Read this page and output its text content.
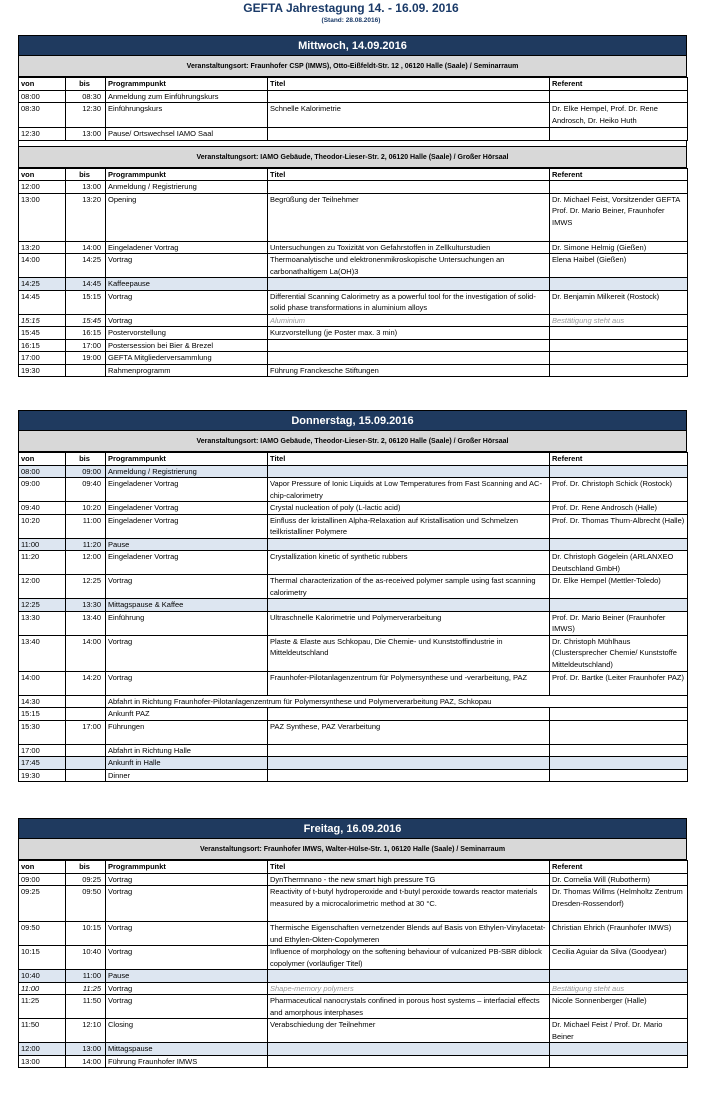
GEFTA Jahrestagung 14. - 16.09. 2016
(Stand: 28.08.2016)
Mittwoch, 14.09.2016
Veranstaltungsort: Fraunhofer CSP (IMWS), Otto-Eißfeldt-Str. 12 , 06120 Halle (Saale) / Seminarraum
von	bis	Programmpunkt	Titel	Referent
08:00	08:30	Anmeldung zum Einführungskurs		
08:30	12:30	Einführungskurs	Schnelle Kalorimetrie	Dr. Elke Hempel, Prof. Dr. Rene Androsch, Dr. Heiko Huth
12:30	13:00	Pause/ Ortswechsel IAMO Saal		
Veranstaltungsort: IAMO Gebäude, Theodor-Lieser-Str. 2, 06120 Halle (Saale) / Großer Hörsaal
von	bis	Programmpunkt	Titel	Referent
12:00	13:00	Anmeldung / Registrierung		
13:00	13:20	Opening	Begrüßung der Teilnehmer	Dr. Michael Feist, Vorsitzender GEFTA Prof. Dr. Mario Beiner, Fraunhofer IMWS
13:20	14:00	Eingeladener Vortrag	Untersuchungen zu Toxizität von Gefahrstoffen in Zellkulturstudien	Dr. Simone Helmig (Gießen)
14:00	14:25	Vortrag	Thermoanalytische und elektronenmikroskopische Untersuchungen an carbonathaltigem La(OH)3	Elena Haibel (Gießen)
14:25	14:45	Kaffeepause		
14:45	15:15	Vortrag	Differential Scanning Calorimetry as a powerful tool for the investigation of solid-solid phase transformations in aluminium alloys	Dr. Benjamin Milkereit (Rostock)
15:15	15:45	Vortrag	Aluminium	Bestätigung steht aus
15:45	16:15	Postervorstellung	Kurzvorstellung (je Poster max. 3 min)	
16:15	17:00	Postersession bei Bier & Brezel		
17:00	19:00	GEFTA Mitgliederversammlung		
19:30		Rahmenprogramm	Führung Franckesche Stiftungen	
Donnerstag, 15.09.2016
Veranstaltungsort: IAMO Gebäude, Theodor-Lieser-Str. 2, 06120 Halle (Saale) / Großer Hörsaal
von	bis	Programmpunkt	Titel	Referent
08:00	09:00	Anmeldung / Registrierung		
09:00	09:40	Eingeladener Vortrag	Vapor Pressure of Ionic Liquids at Low Temperatures from Fast Scanning and AC-chip-calorimetry	Prof. Dr. Christoph Schick (Rostock)
09:40	10:20	Eingeladener Vortrag	Crystal nucleation of poly (L-lactic acid)	Prof. Dr. Rene Androsch (Halle)
10:20	11:00	Eingeladener Vortrag	Einfluss der kristallinen Alpha-Relaxation auf Kristallisation und Schmelzen teilkristalliner Polymere	Prof. Dr. Thomas Thurn-Albrecht (Halle)
11:00	11:20	Pause		
11:20	12:00	Eingeladener Vortrag	Crystallization kinetic of synthetic rubbers	Dr. Christoph Gögelein (ARLANXEO Deutschland GmbH)
12:00	12:25	Vortrag	Thermal characterization of the as-received polymer sample using fast scanning calorimetry	Dr. Elke Hempel (Mettler-Toledo)
12:25	13:30	Mittagspause & Kaffee		
13:30	13:40	Einführung	Ultraschnelle Kalorimetrie und Polymerverarbeitung	Prof. Dr. Mario Beiner (Fraunhofer IMWS)
13:40	14:00	Vortrag	Plaste & Elaste aus Schkopau, Die Chemie- und Kunststoffindustrie in Mitteldeutschland	Dr. Christoph Mühlhaus (Clustersprecher Chemie/ Kunststoffe Mitteldeutschland)
14:00	14:20	Vortrag	Fraunhofer-Pilotanlagenzentrum für Polymersynthese und -verarbeitung, PAZ	Prof. Dr. Bartke (Leiter Fraunhofer PAZ)
14:30		Abfahrt in Richtung Fraunhofer-Pilotanlagenzentrum für Polymersynthese und Polymerverarbeitung PAZ, Schkopau		
15:15		Ankunft PAZ		
15:30	17:00	Führungen	PAZ Synthese, PAZ Verarbeitung	
17:00		Abfahrt in Richtung Halle		
17:45		Ankunft in Halle		
19:30		Dinner		
Freitag, 16.09.2016
Veranstaltungsort: Fraunhofer IMWS, Walter-Hülse-Str. 1, 06120 Halle (Saale) / Seminarraum
von	bis	Programmpunkt	Titel	Referent
09:00	09:25	Vortrag	DynThermnano - the new smart high pressure TG	Dr. Cornelia Will (Rubotherm)
09:25	09:50	Vortrag	Reactivity of t-butyl hydroperoxide and t-butyl peroxide towards reactor materials measured by a microcalorimetric method at 30 °C.	Dr. Thomas Willms (Helmholtz Zentrum Dresden-Rossendorf)
09:50	10:15	Vortrag	Thermische Eigenschaften vernetzender Blends auf Basis von Ethylen-Vinylacetat- und Ethylen-Okten-Copolymeren	Christian Ehrich (Fraunhofer IMWS)
10:15	10:40	Vortrag	Influence of morphology on the softening behaviour of vulcanized PB-SBR diblock copolymer (vorläufiger Titel)	Cecilia Aguiar da Silva (Goodyear)
10:40	11:00	Pause		
11:00	11:25	Vortrag	Shape-memory polymers	Bestätigung steht aus
11:25	11:50	Vortrag	Pharmaceutical nanocrystals confined in porous host systems – interfacial effects and amorphous interphases	Nicole Sonnenberger (Halle)
11:50	12:10	Closing	Verabschiedung der Teilnehmer	Dr. Michael Feist / Prof. Dr. Mario Beiner
12:00	13:00	Mittagspause		
13:00	14:00	Führung Fraunhofer IMWS		
